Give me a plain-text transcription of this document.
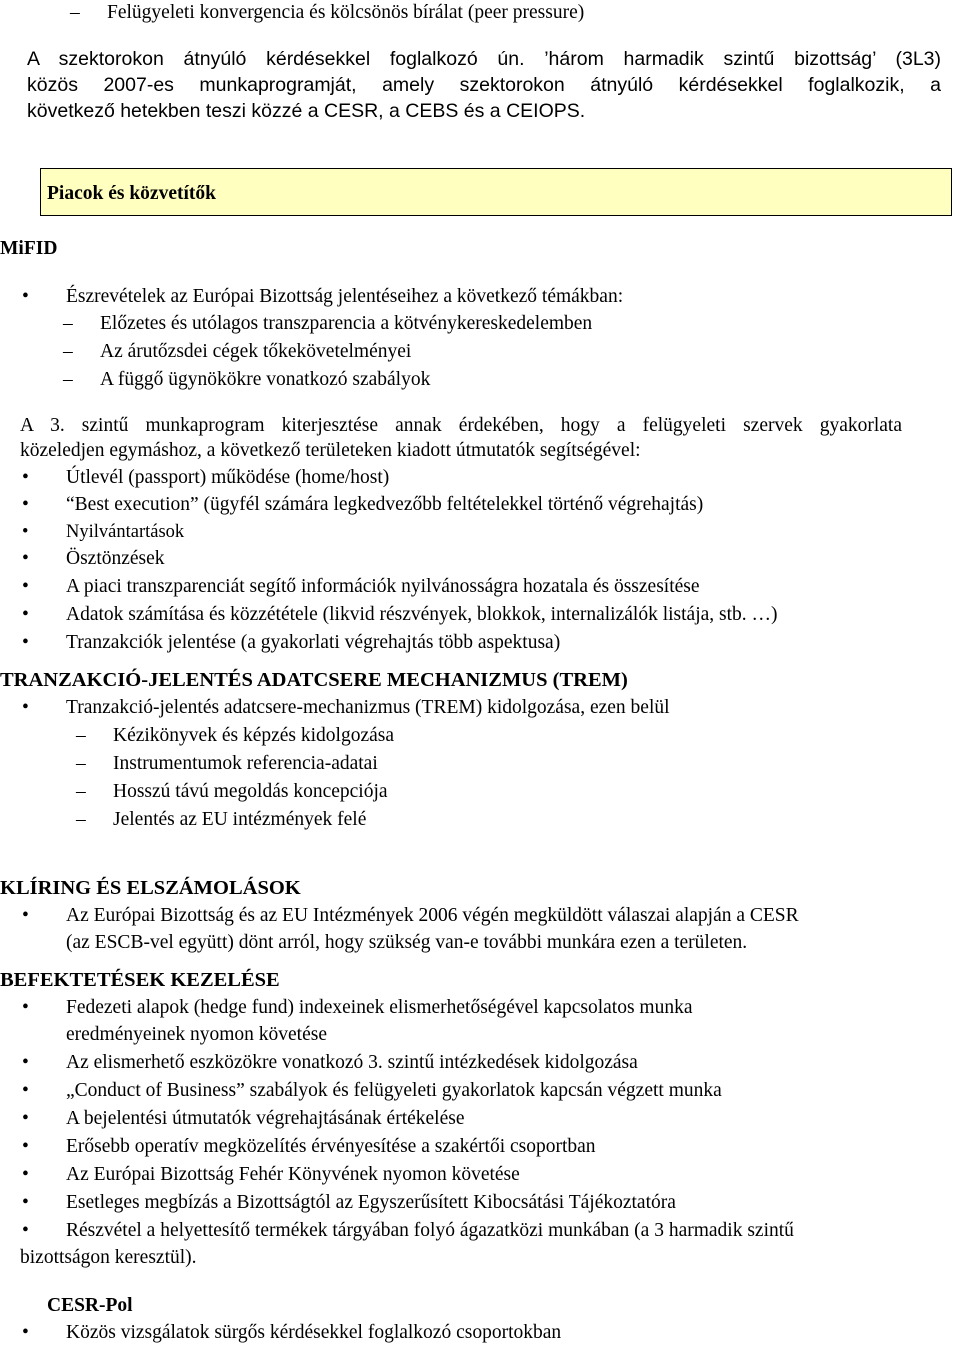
– Felügyeleti konvergencia és kölcsönös bírálat (peer pressure)
A szektorokon átnyúló kérdésekkel foglalkozó ún. ’három harmadik szintű bizottság’ (3L3)
közös 2007-es munkaprogramját, amely szektorokon átnyúló kérdésekkel foglalkozik, a
következő hetekben teszi közzé a CESR, a CEBS és a CEIOPS.
Piacok és közvetítők
MiFID
• Észrevételek az Európai Bizottság jelentéseihez a következő témákban:
– Előzetes és utólagos transzparencia a kötvénykereskedelemben
– Az árutőzsdei cégek tőkekövetelményei
– A függő ügynökökre vonatkozó szabályok
A 3. szintű munkaprogram kiterjesztése annak érdekében, hogy a felügyeleti szervek gyakorlata
közeledjen egymáshoz, a következő területeken kiadott útmutatók segítségével:
• Útlevél (passport) működése (home/host)
• “Best execution” (ügyfél számára legkedvezőbb feltételekkel történő végrehajtás)
• Nyilvántartások
• Ösztönzések
• A piaci transzparenciát segítő információk nyilvánosságra hozatala és összesítése
• Adatok számítása és közzététele (likvid részvények, blokkok, internalizálók listája, stb. …)
• Tranzakciók jelentése (a gyakorlati végrehajtás több aspektusa)
TRANZAKCIÓ-JELENTÉS ADATCSERE MECHANIZMUS (TREM)
• Tranzakció-jelentés adatcsere-mechanizmus (TREM) kidolgozása, ezen belül
– Kézikönyvek és képzés kidolgozása
– Instrumentumok referencia-adatai
– Hosszú távú megoldás koncepciója
– Jelentés az EU intézmények felé
KLÍRING ÉS ELSZÁMOLÁSOK
• Az Európai Bizottság és az EU Intézmények 2006 végén megküldött válaszai alapján a CESR
(az ESCB-vel együtt) dönt arról, hogy szükség van-e további munkára ezen a területen.
BEFEKTETÉSEK KEZELÉSE
• Fedezeti alapok (hedge fund) indexeinek elismerhetőségével kapcsolatos munka
eredményeinek nyomon követése
• Az elismerhető eszközökre vonatkozó 3. szintű intézkedések kidolgozása
• „Conduct of Business” szabályok és felügyeleti gyakorlatok kapcsán végzett munka
• A bejelentési útmutatók végrehajtásának értékelése
• Erősebb operatív megközelítés érvényesítése a szakértői csoportban
• Az Európai Bizottság Fehér Könyvének nyomon követése
• Esetleges megbízás a Bizottságtól az Egyszerűsített Kibocsátási Tájékoztatóra
• Részvétel a helyettesítő termékek tárgyában folyó ágazatközi munkában (a 3 harmadik szintű
bizottságon keresztül).
CESR-Pol
• Közös vizsgálatok sürgős kérdésekkel foglalkozó csoportokban
